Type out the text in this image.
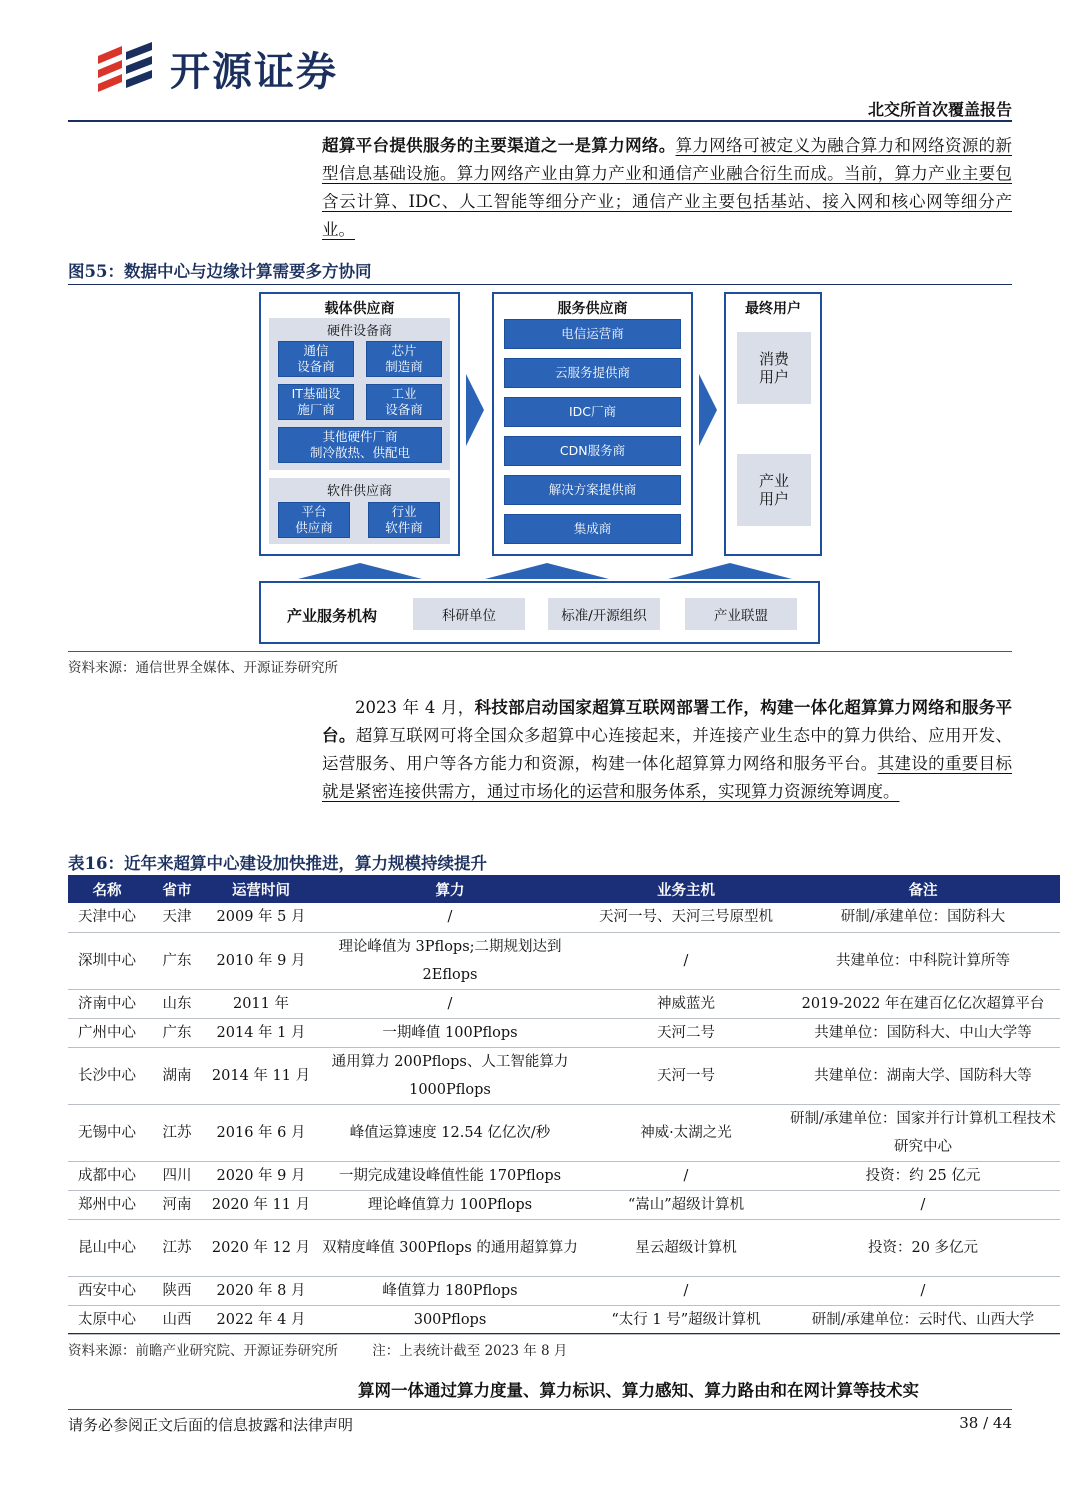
开源证券
北交所首次覆盖报告
超算平台提供服务的主要渠道之一是算力网络。算力网络可被定义为融合算力和网络资源的新型信息基础设施。算力网络产业由算力产业和通信产业融合衍生而成。当前，算力产业主要包含云计算、IDC、人工智能等细分产业；通信产业主要包括基站、接入网和核心网等细分产业。
图55：数据中心与边缘计算需要多方协同
载体供应商
硬件设备商
通信
设备商
芯片
制造商
IT基础设
施厂商
工业
设备商
其他硬件厂商
制冷散热、供配电
软件供应商
平台
供应商
行业
软件商
服务供应商
电信运营商
云服务提供商
IDC厂商
CDN服务商
解决方案提供商
集成商
最终用户
消费
用户
产业
用户
产业服务机构	科研单位	标准/开源组织	产业联盟
资料来源：通信世界全媒体、开源证券研究所
2023 年 4 月，科技部启动国家超算互联网部署工作，构建一体化超算算力网络和服务平台。超算互联网可将全国众多超算中心连接起来，并连接产业生态中的算力供给、应用开发、运营服务、用户等各方能力和资源，构建一体化超算算力网络和服务平台。其建设的重要目标就是紧密连接供需方，通过市场化的运营和服务体系，实现算力资源统筹调度。
表16：近年来超算中心建设加快推进，算力规模持续提升
名称	省市	运营时间	算力	业务主机	备注
天津中心	天津	2009 年 5 月	/	天河一号、天河三号原型机	研制/承建单位：国防科大
深圳中心	广东	2010 年 9 月	理论峰值为 3Pflops;二期规划达到 2Eflops	/	共建单位：中科院计算所等
济南中心	山东	2011 年	/	神威蓝光	2019-2022 年在建百亿亿次超算平台
广州中心	广东	2014 年 1 月	一期峰值 100Pflops	天河二号	共建单位：国防科大、中山大学等
长沙中心	湖南	2014 年 11 月	通用算力 200Pflops、人工智能算力 1000Pflops	天河一号	共建单位：湖南大学、国防科大等
无锡中心	江苏	2016 年 6 月	峰值运算速度 12.54 亿亿次/秒	神威·太湖之光	研制/承建单位：国家并行计算机工程技术研究中心
成都中心	四川	2020 年 9 月	一期完成建设峰值性能 170Pflops	/	投资：约 25 亿元
郑州中心	河南	2020 年 11 月	理论峰值算力 100Pflops	“嵩山”超级计算机	/
昆山中心	江苏	2020 年 12 月	双精度峰值 300Pflops 的通用超算算力	星云超级计算机	投资：20 多亿元
西安中心	陕西	2020 年 8 月	峰值算力 180Pflops	/	/
太原中心	山西	2022 年 4 月	300Pflops	“太行 1 号”超级计算机	研制/承建单位：云时代、山西大学
资料来源：前瞻产业研究院、开源证券研究所	注：上表统计截至 2023 年 8 月
算网一体通过算力度量、算力标识、算力感知、算力路由和在网计算等技术实
请务必参阅正文后面的信息披露和法律声明	38 / 44
